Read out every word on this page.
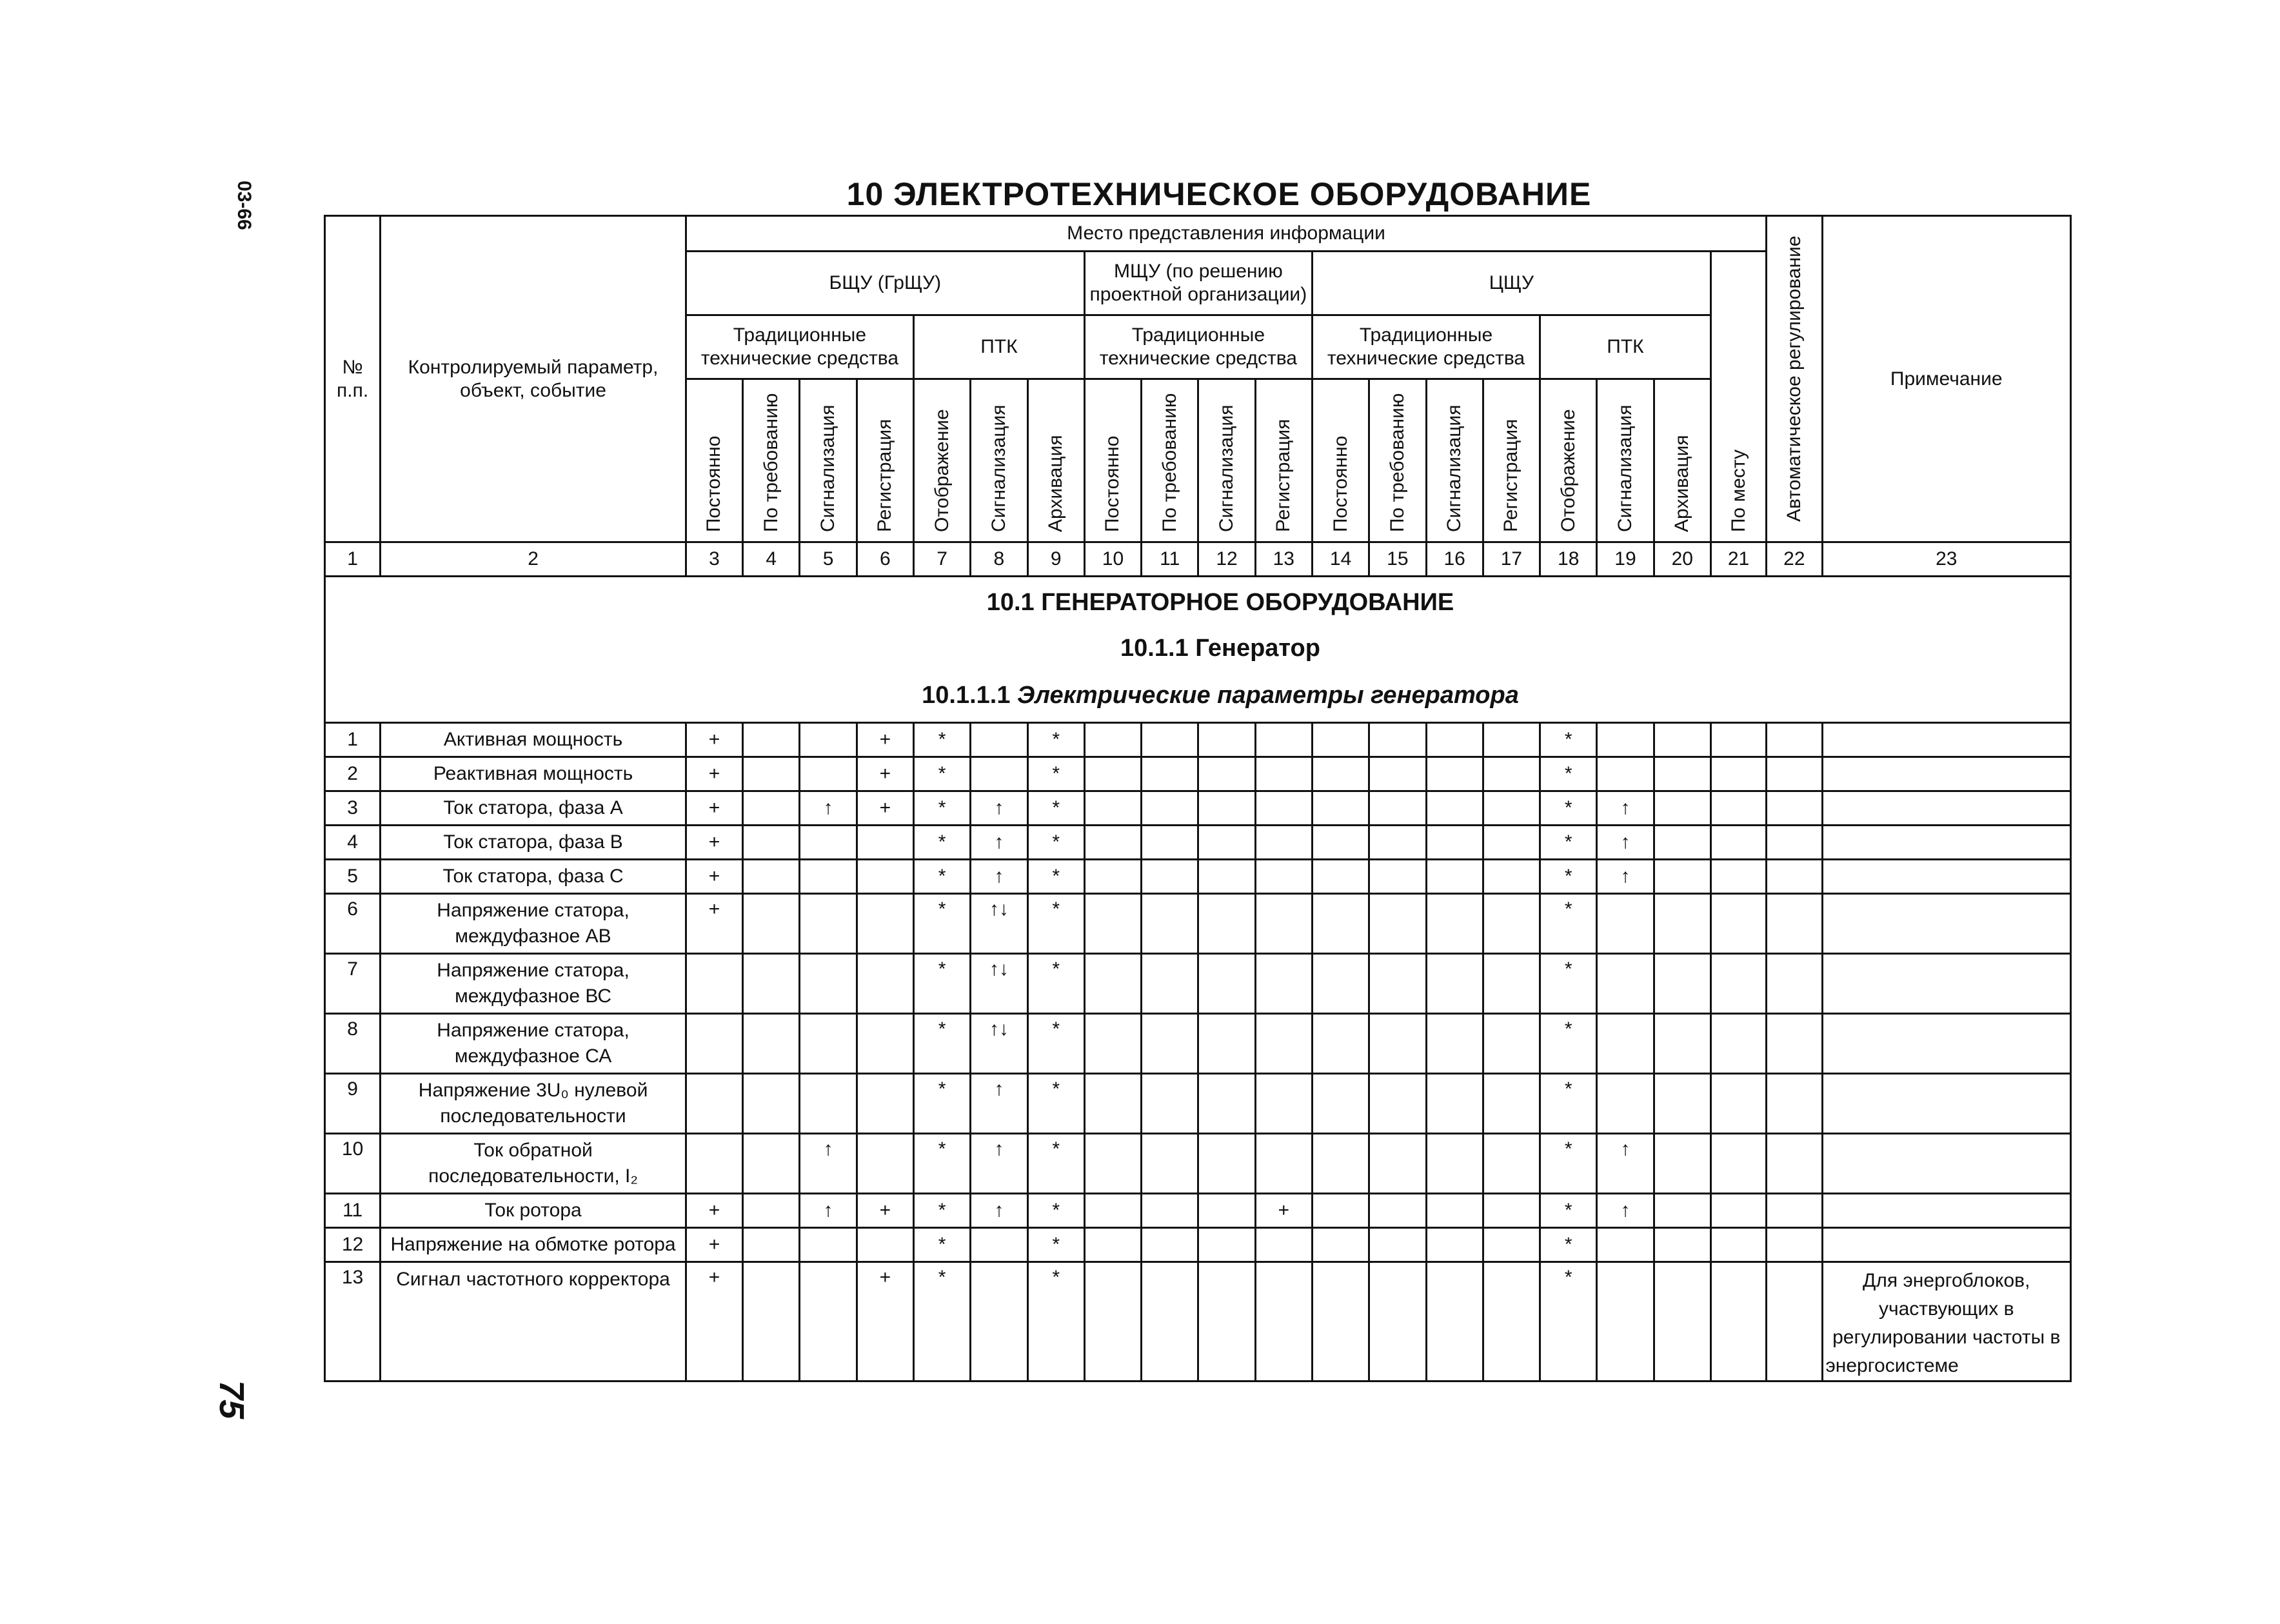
03-66
75
10 ЭЛЕКТРОТЕХНИЧЕСКОЕ ОБОРУДОВАНИЕ
№ п.п.	Контролируемый параметр, объект, событие	Место представления информации																			Автоматическое регулирование	Примечание
		БЩУ (ГрЩУ)							МЩУ (по решению проектной организации)				ЦЩУ							По месту		

		Традиционные технические средства				ПТК			Традиционные технические средства				Традиционные технические средства				ПТК					

		Постоянно	По требованию	Сигнализация	Регистрация	Отображение	Сигнализация	Архивация	Постоянно	По требованию	Сигнализация	Регистрация	Постоянно	По требованию	Сигнализация	Регистрация	Отображение	Сигнализация	Архивация			

1	2	3	4	5	6	7	8	9	10	11	12	13	14	15	16	17	18	19	20	21	22	23

10.1 ГЕНЕРАТОРНОЕ ОБОРУДОВАНИЕ
10.1.1 Генератор
10.1.1.1 Электрические параметры генератора																						

1	Активная мощность	+			+	*		*									*					
2	Реактивная мощность	+			+	*		*									*					
3	Ток статора, фаза А	+		↑	+	*	↑	*									*	↑				
4	Ток статора, фаза В	+				*	↑	*									*	↑				
5	Ток статора, фаза С	+				*	↑	*									*	↑				
6	Напряжение статора, междуфазное АВ	+				*	↑↓	*									*					
7	Напряжение статора, междуфазное ВС					*	↑↓	*									*					
8	Напряжение статора, междуфазное СА					*	↑↓	*									*					
9	Напряжение 3U₀ нулевой последовательности					*	↑	*									*					
10	Ток обратной последовательности, I₂			↑		*	↑	*									*	↑				
11	Ток ротора	+		↑	+	*	↑	*				+					*	↑				
12	Напряжение на обмотке ротора	+				*		*									*					
13	Сигнал частотного корректора	+			+	*		*									*					Для энергоблоков, участвующих в регулировании частоты в энергосистеме
